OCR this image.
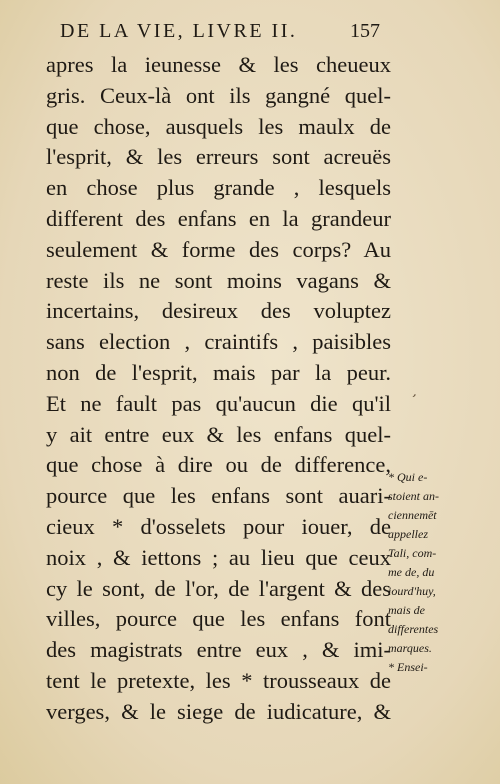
DE LA VIE, LIVRE II.	157
apres la ieunesse & les cheueux
gris. Ceux-là ont ils gangné quel-
que chose, ausquels les maulx de
l'esprit, & les erreurs sont acreuës
en chose plus grande , lesquels
different des enfans en la grandeur
seulement & forme des corps? Au
reste ils ne sont moins vagans &
incertains, desireux des voluptez
sans election , craintifs , paisibles
non de l'esprit, mais par la peur.
Et ne fault pas qu'aucun die qu'il
y ait entre eux & les enfans quel-
que chose à dire ou de difference,
pource que les enfans sont auari-
cieux * d'osselets pour iouer, de
noix , & iettons ; au lieu que ceux
cy le sont, de l'or, de l'argent & des
villes, pource que les enfans font
des magistrats entre eux , & imi-
tent le pretexte, les * trousseaux de
verges, & le siege de iudicature, &
ʼ
* Qui e-
stoient an-
ciennemēt
appellez
Tali, com-
me de, du
iourd'huy,
mais de
differentes
marques.
* Ensei-
